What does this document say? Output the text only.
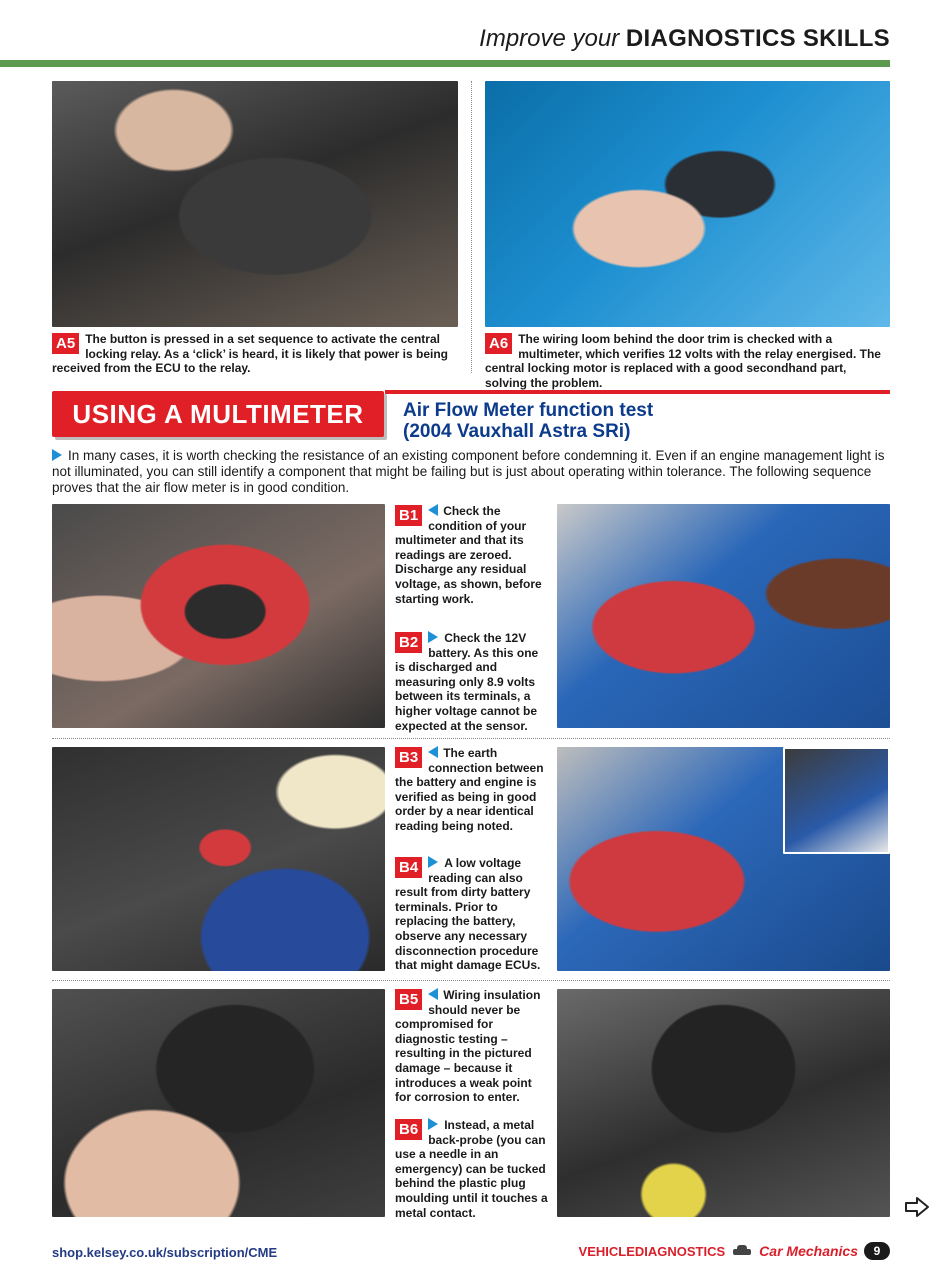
Improve your DIAGNOSTICS SKILLS
A5 The button is pressed in a set sequence to activate the central locking relay. As a ‘click’ is heard, it is likely that power is being received from the ECU to the relay.
A6 The wiring loom behind the door trim is checked with a multimeter, which verifies 12 volts with the relay energised. The central locking motor is replaced with a good secondhand part, solving the problem.
USING A MULTIMETER	Air Flow Meter function test
(2004 Vauxhall Astra SRi)
In many cases, it is worth checking the resistance of an existing component before condemning it. Even if an engine management light is not illuminated, you can still identify a component that might be failing but is just about operating within tolerance. The following sequence proves that the air flow meter is in good condition.
B1	Check the condition of your multimeter and that its readings are zeroed. Discharge any residual voltage, as shown, before starting work.
B2	Check the 12V battery. As this one is discharged and measuring only 8.9 volts between its terminals, a higher voltage cannot be expected at the sensor.
B3	The earth connection between the battery and engine is verified as being in good order by a near identical reading being noted.
B4	A low voltage reading can also result from dirty battery terminals. Prior to replacing the battery, observe any necessary disconnection procedure that might damage ECUs.
B5	Wiring insulation should never be compromised for diagnostic testing – resulting in the pictured damage – because it introduces a weak point for corrosion to enter.
B6	Instead, a metal back-probe (you can use a needle in an emergency) can be tucked behind the plastic plug moulding until it touches a metal contact.
shop.kelsey.co.uk/subscription/CME	VEHICLEDIAGNOSTICS Car Mechanics	9
